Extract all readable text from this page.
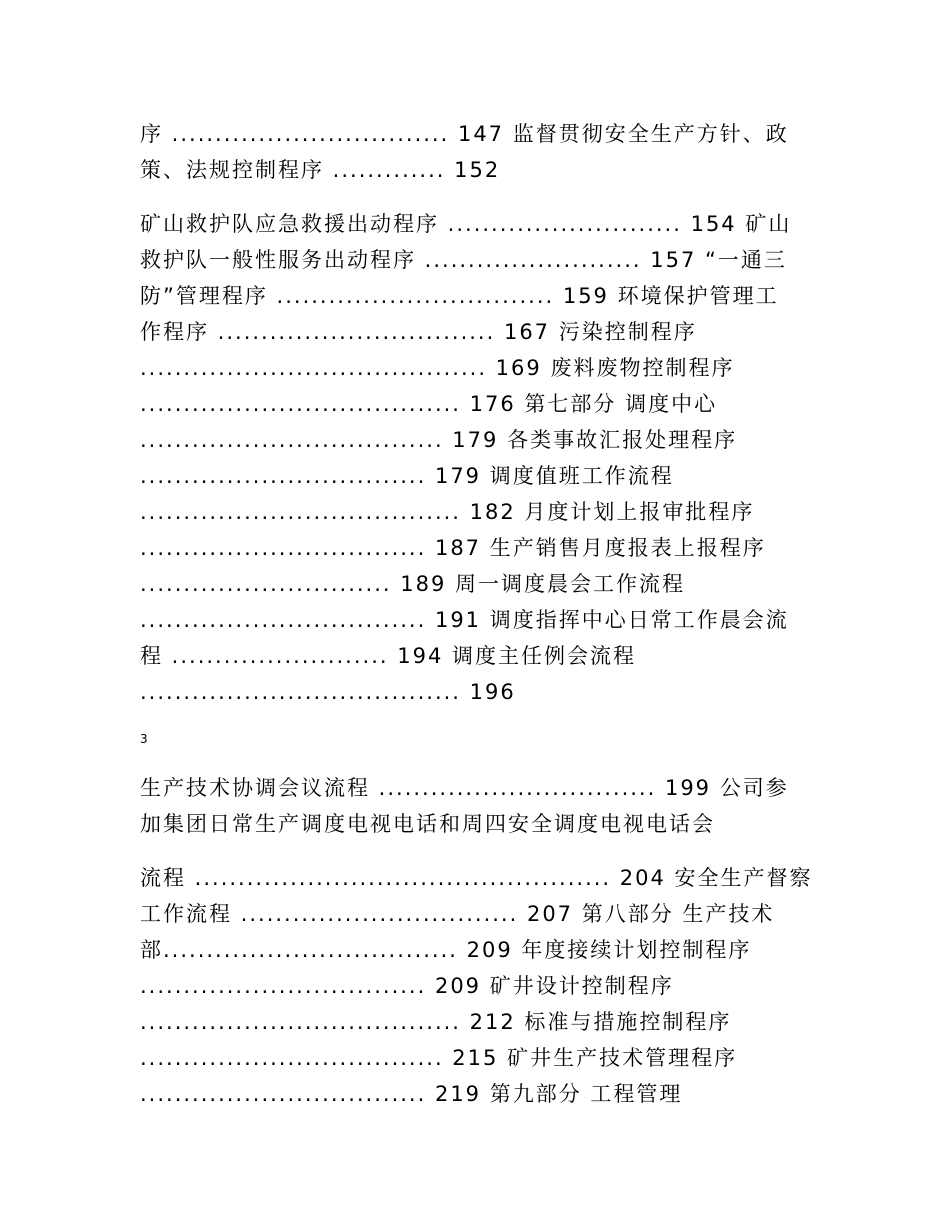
序 ................................ 147 监督贯彻安全生产方针、政
策、法规控制程序 ............. 152
矿山救护队应急救援出动程序 ........................... 154 矿山
救护队一般性服务出动程序 ......................... 157 “一通三
防”管理程序 ................................ 159 环境保护管理工
作程序 ................................ 167 污染控制程序
........................................ 169 废料废物控制程序
..................................... 176 第七部分 调度中心
................................... 179 各类事故汇报处理程序
................................. 179 调度值班工作流程
..................................... 182 月度计划上报审批程序
................................. 187 生产销售月度报表上报程序
............................. 189 周一调度晨会工作流程
................................. 191 调度指挥中心日常工作晨会流
程 ......................... 194 调度主任例会流程
..................................... 196
3
生产技术协调会议流程 ................................ 199 公司参
加集团日常生产调度电视电话和周四安全调度电视电话会
流程 ................................................ 204 安全生产督察
工作流程 ................................ 207 第八部分 生产技术
部.................................. 209 年度接续计划控制程序
................................. 209 矿井设计控制程序
..................................... 212 标准与措施控制程序
................................... 215 矿井生产技术管理程序
................................. 219 第九部分 工程管理
